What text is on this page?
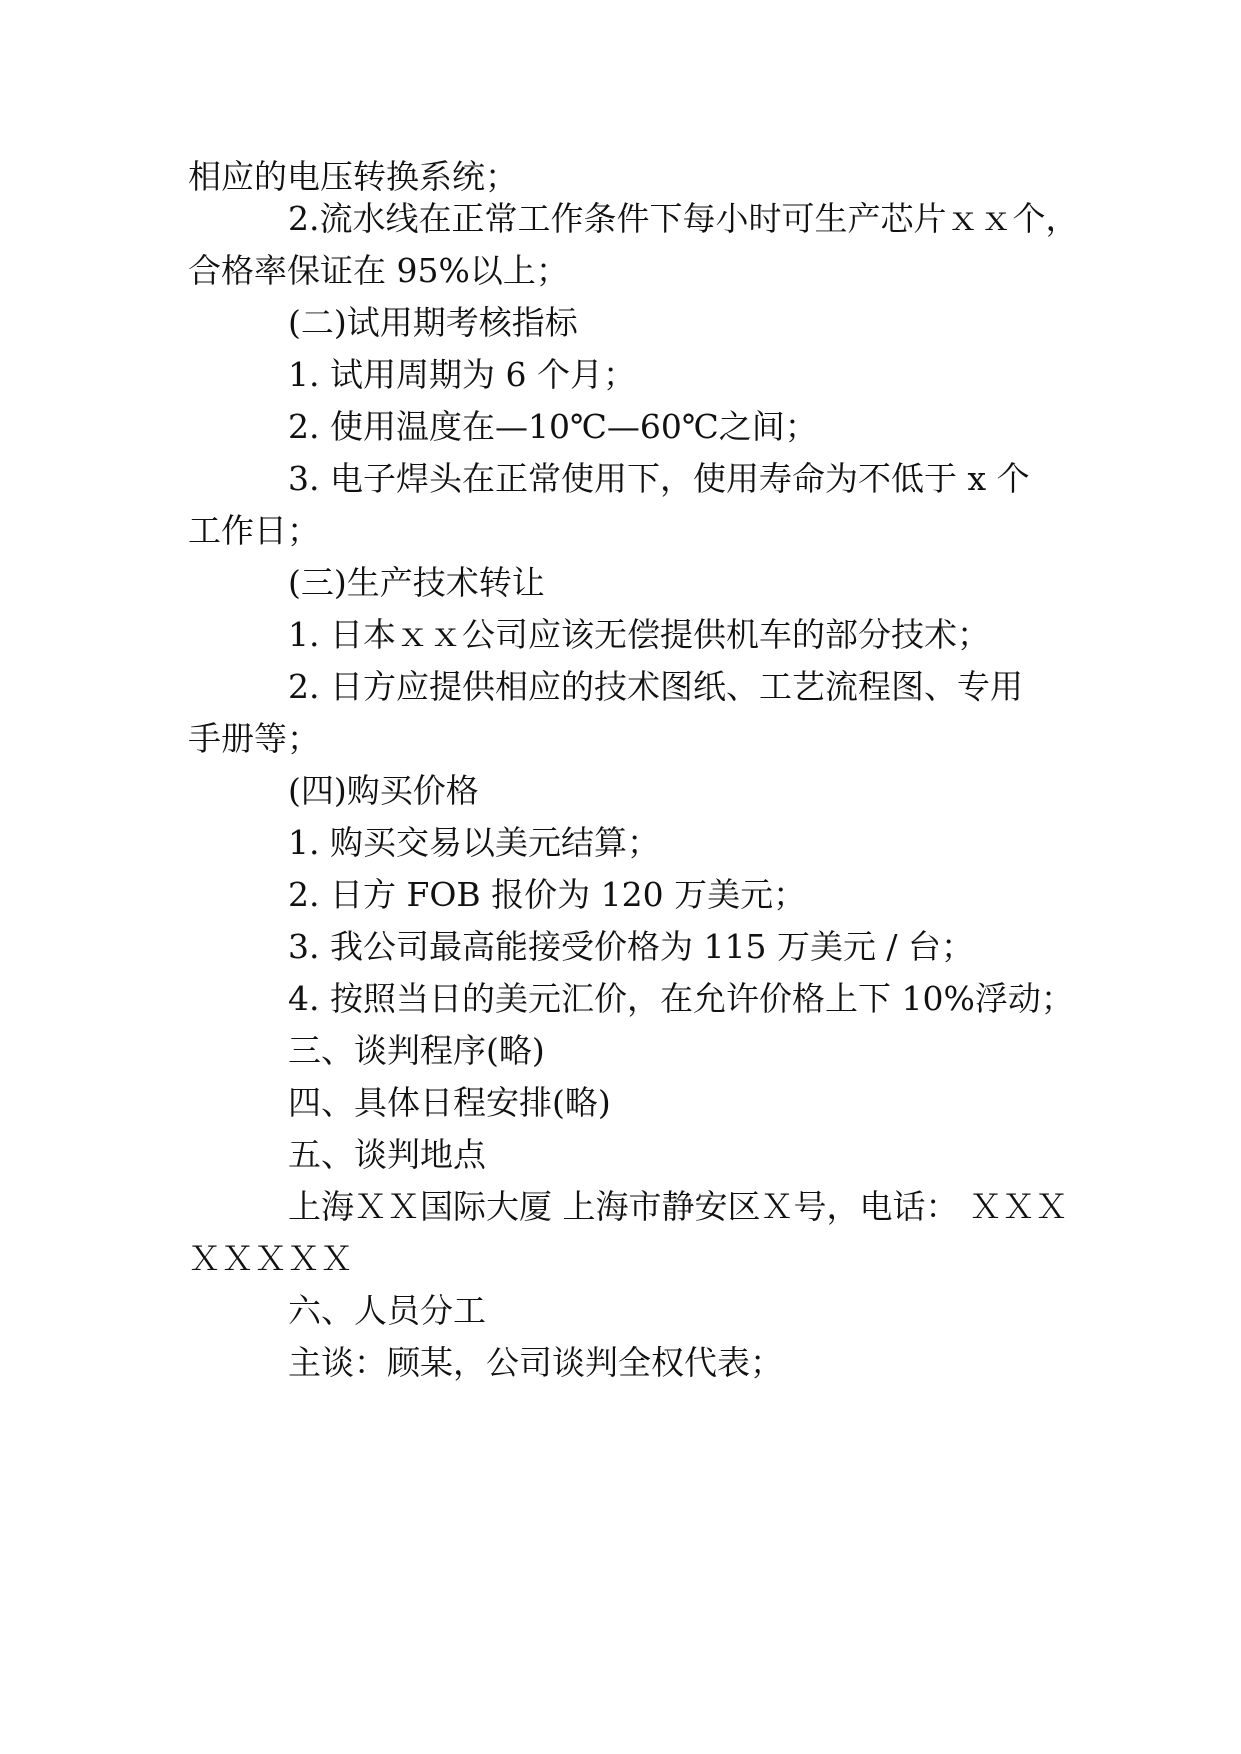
相应的电压转换系统；
2.流水线在正常工作条件下每小时可生产芯片ｘｘ个，
合格率保证在 95%以上；
(二)试用期考核指标
1. 试用周期为 6 个月；
2. 使用温度在—10℃—60℃之间；
3. 电子焊头在正常使用下，使用寿命为不低于 x 个
工作日；
(三)生产技术转让
1. 日本ｘｘ公司应该无偿提供机车的部分技术；
2. 日方应提供相应的技术图纸、工艺流程图、专用
手册等；
(四)购买价格
1. 购买交易以美元结算；
2. 日方 FOB 报价为 120 万美元；
3. 我公司最高能接受价格为 115 万美元 / 台；
4. 按照当日的美元汇价，在允许价格上下 10%浮动；
三、谈判程序(略)
四、具体日程安排(略)
五、谈判地点
上海ＸＸ国际大厦 上海市静安区Ｘ号，电话： ＸＸＸ
ＸＸＸＸＸ
六、人员分工
主谈：顾某，公司谈判全权代表；
